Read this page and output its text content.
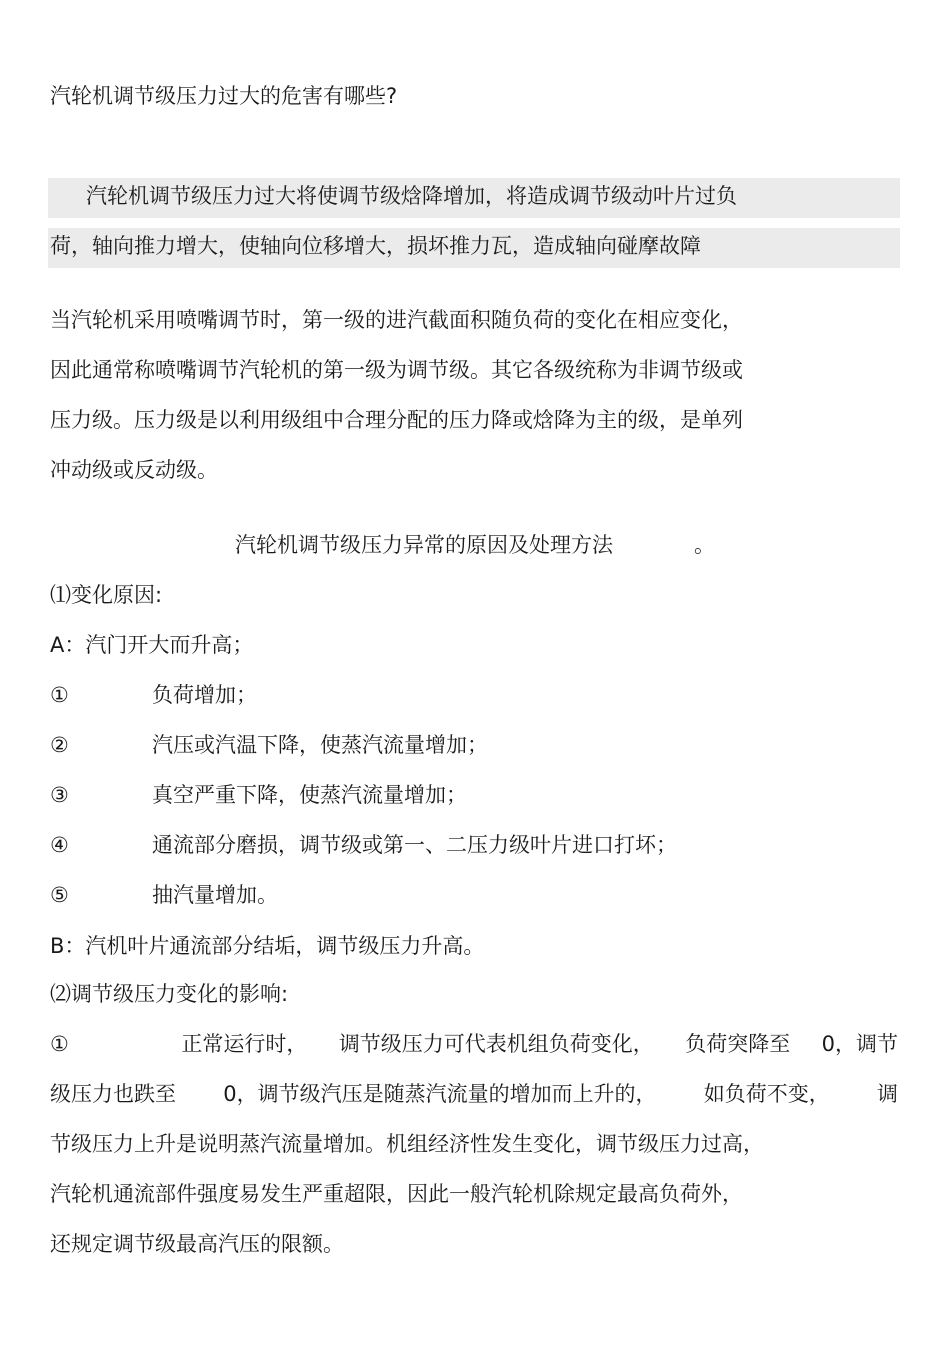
汽轮机调节级压力过大的危害有哪些?
汽轮机调节级压力过大将使调节级焓降增加，将造成调节级动叶片过负
荷，轴向推力增大，使轴向位移增大，损坏推力瓦，造成轴向碰摩故障
当汽轮机采用喷嘴调节时，第一级的进汽截面积随负荷的变化在相应变化，
因此通常称喷嘴调节汽轮机的第一级为调节级。其它各级统称为非调节级或
压力级。压力级是以利用级组中合理分配的压力降或焓降为主的级，是单列
冲动级或反动级。
汽轮机调节级压力异常的原因及处理方法	。
⑴变化原因:
A：汽门开大而升高；
①	负荷增加；
②	汽压或汽温下降，使蒸汽流量增加；
③	真空严重下降，使蒸汽流量增加；
④	通流部分磨损，调节级或第一、二压力级叶片进口打坏；
⑤	抽汽量增加。
B：汽机叶片通流部分结垢，调节级压力升高。
⑵调节级压力变化的影响:
①	正常运行时， 调节级压力可代表机组负荷变化， 负荷突降至 0，调节
级压力也跌至 0，调节级汽压是随蒸汽流量的增加而上升的， 如负荷不变， 调
节级压力上升是说明蒸汽流量增加。机组经济性发生变化，调节级压力过高，
汽轮机通流部件强度易发生严重超限，因此一般汽轮机除规定最高负荷外，
还规定调节级最高汽压的限额。
